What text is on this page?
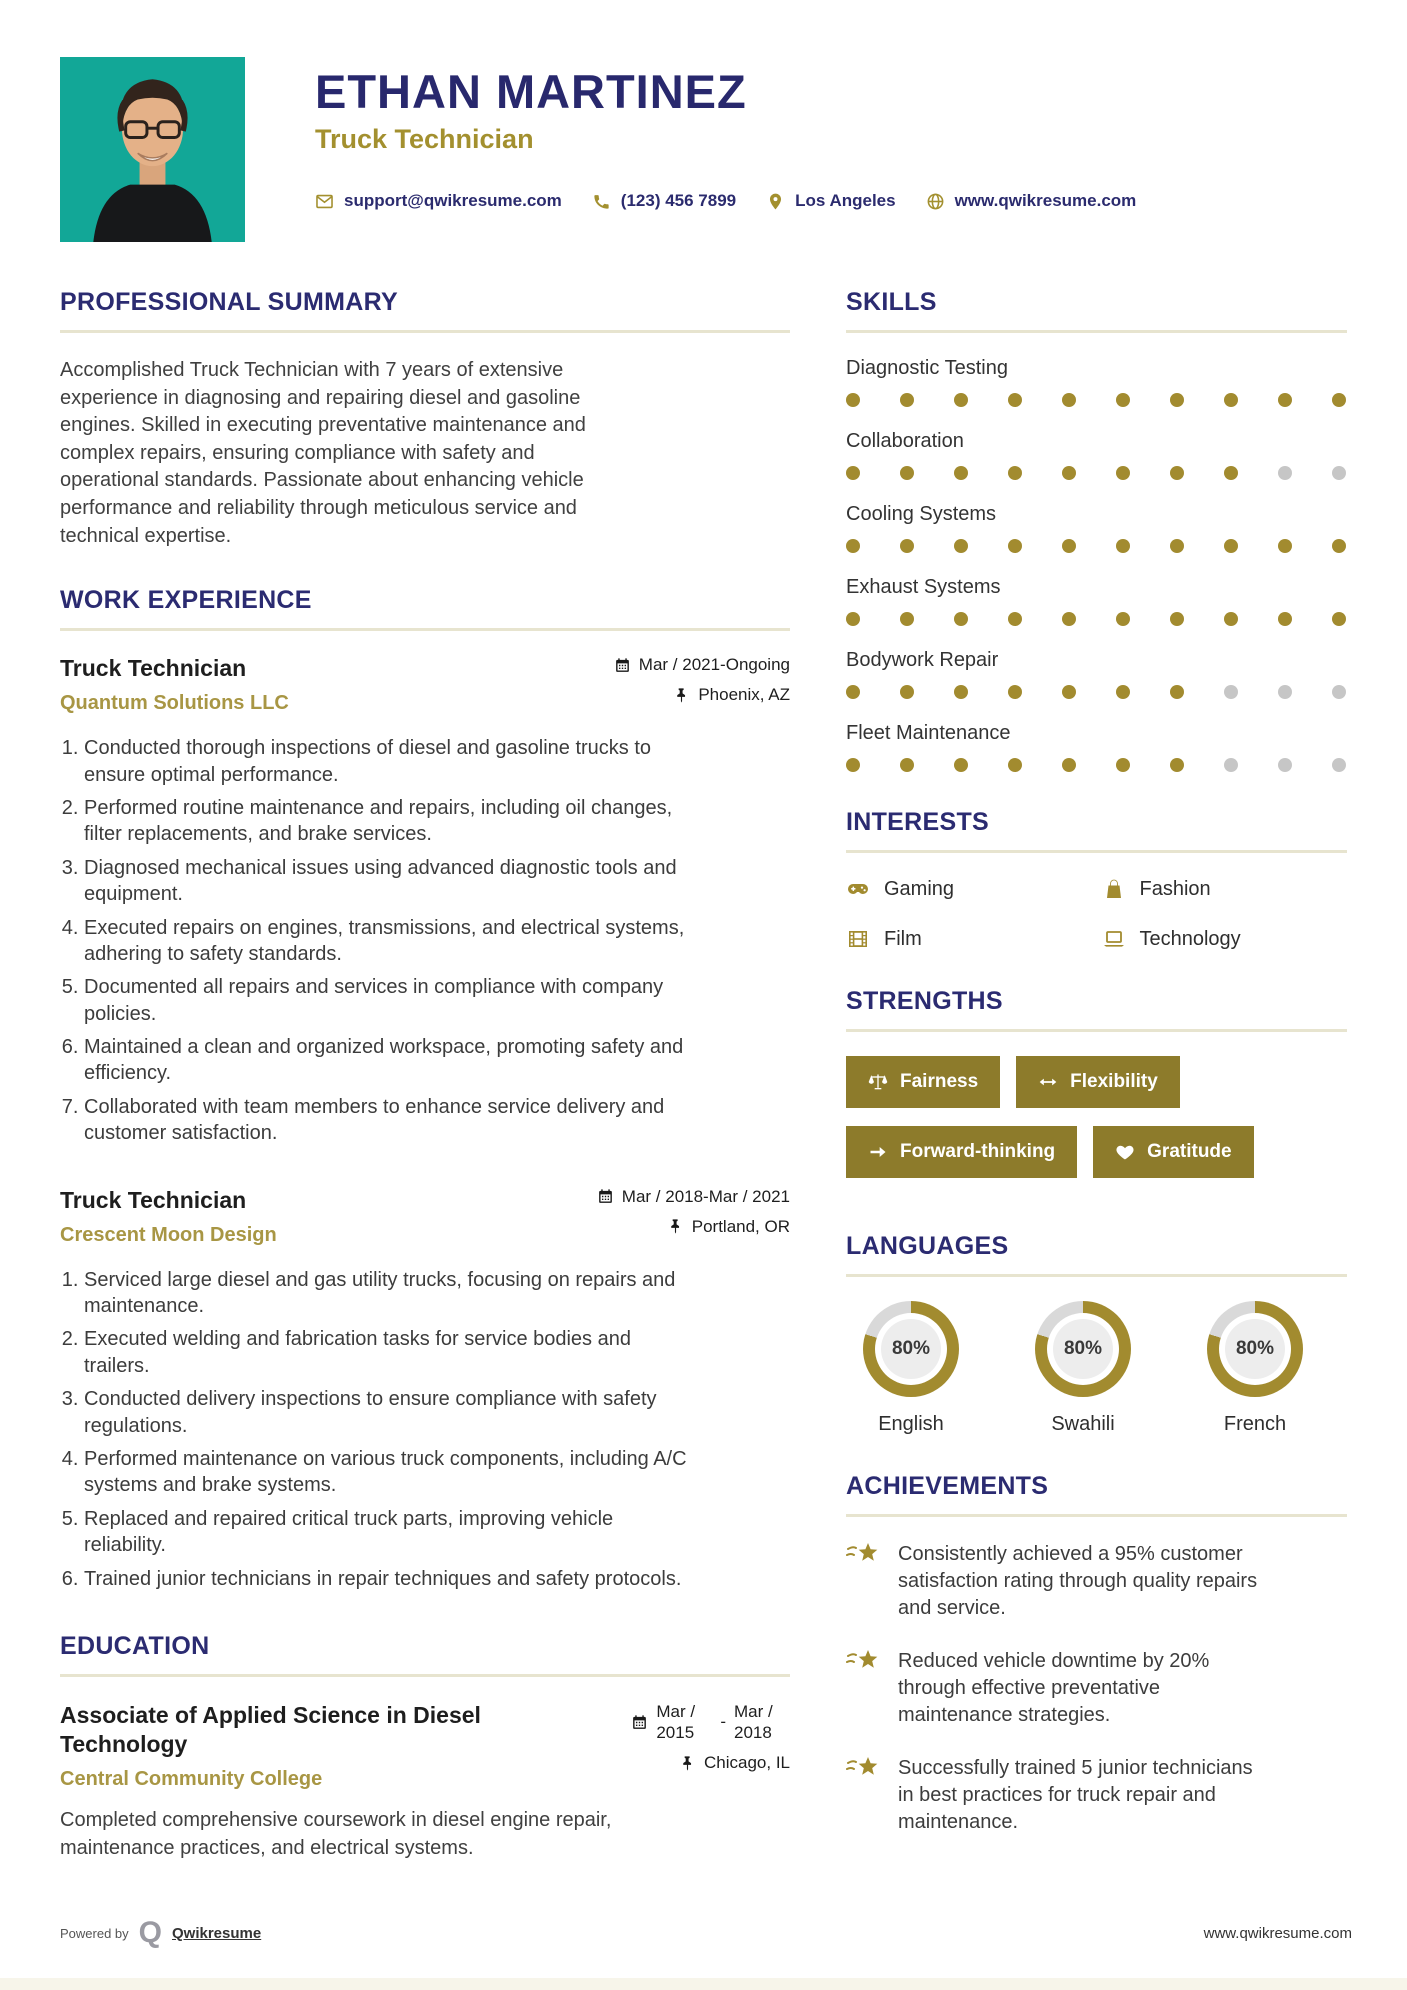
ETHAN MARTINEZ
Truck Technician
support@qwikresume.com	(123) 456 7899	Los Angeles	www.qwikresume.com
PROFESSIONAL SUMMARY

Accomplished Truck Technician with 7 years of extensive experience in diagnosing and repairing diesel and gasoline engines. Skilled in executing preventative maintenance and complex repairs, ensuring compliance with safety and operational standards. Passionate about enhancing vehicle performance and reliability through meticulous service and technical expertise.

WORK EXPERIENCE
Truck Technician
Quantum Solutions LLC
Mar / 2021-Ongoing
Phoenix, AZ
1. Conducted thorough inspections of diesel and gasoline trucks to ensure optimal performance.
2. Performed routine maintenance and repairs, including oil changes, filter replacements, and brake services.
3. Diagnosed mechanical issues using advanced diagnostic tools and equipment.
4. Executed repairs on engines, transmissions, and electrical systems, adhering to safety standards.
5. Documented all repairs and services in compliance with company policies.
6. Maintained a clean and organized workspace, promoting safety and efficiency.
7. Collaborated with team members to enhance service delivery and customer satisfaction.
Truck Technician
Crescent Moon Design
Mar / 2018-Mar / 2021
Portland, OR
1. Serviced large diesel and gas utility trucks, focusing on repairs and maintenance.
2. Executed welding and fabrication tasks for service bodies and trailers.
3. Conducted delivery inspections to ensure compliance with safety regulations.
4. Performed maintenance on various truck components, including A/C systems and brake systems.
5. Replaced and repaired critical truck parts, improving vehicle reliability.
6. Trained junior technicians in repair techniques and safety protocols.
EDUCATION
Associate of Applied Science in Diesel Technology
Central Community College
Mar / 2015
-
Mar / 2018
Chicago, IL

Completed comprehensive coursework in diesel engine repair, maintenance practices, and electrical systems.

SKILLS
Diagnostic Testing
Collaboration
Cooling Systems
Exhaust Systems
Bodywork Repair
Fleet Maintenance
INTERESTS
Gaming	Fashion
Film	Technology
STRENGTHS
Fairness	Flexibility
Forward-thinking	Gratitude
LANGUAGES
80%
English
80%
Swahili
80%
French
ACHIEVEMENTS
Consistently achieved a 95% customer satisfaction rating through quality repairs and service.
Reduced vehicle downtime by 20% through effective preventative maintenance strategies.
Successfully trained 5 junior technicians in best practices for truck repair and maintenance.
Powered by Q Qwikresume	www.qwikresume.com
